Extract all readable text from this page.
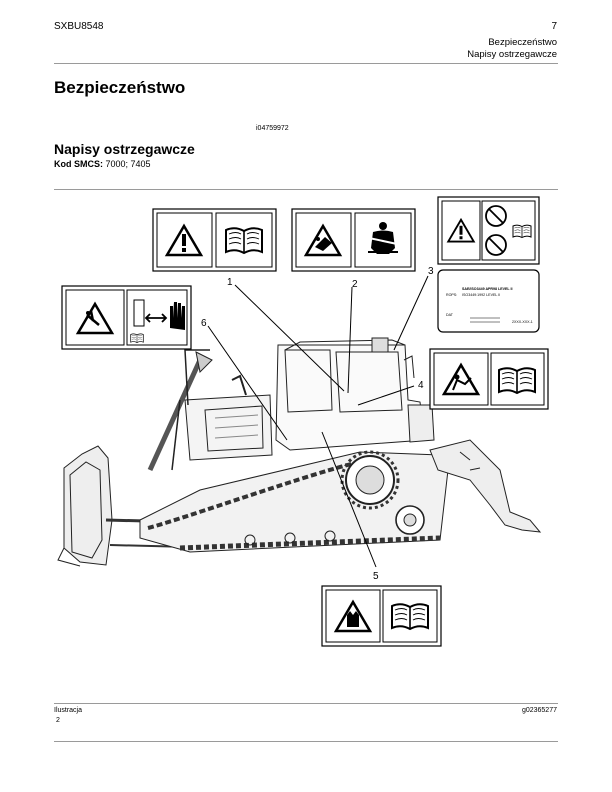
SXBU8548	7
Bezpieczeństwo
Napisy ostrzegawcze
Bezpieczeństwo
i04759972
Napisy ostrzegawcze
Kod SMCS: 7000; 7405
ROPS:
SAE/ISO3449 APR98 LEVEL II
ISO3449:1992 LEVEL II
DAT
2XXX-XXX-1
1	2
3
4
5
6
Ilustracja
2
g02365277
